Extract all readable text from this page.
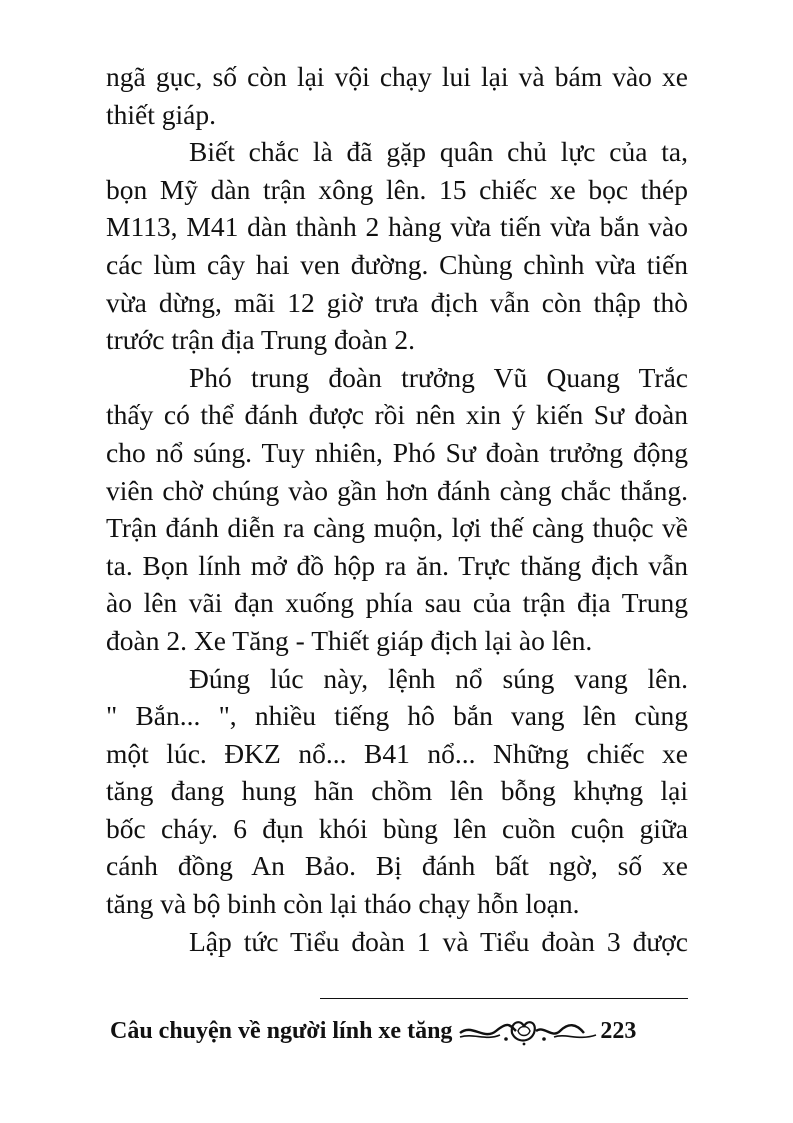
ngã gục, số còn lại vội chạy lui lại và bám vào xe
thiết giáp.
Biết chắc là đã gặp quân chủ lực của ta,
bọn Mỹ dàn trận xông lên. 15 chiếc xe bọc thép
M113, M41 dàn thành 2 hàng vừa tiến vừa bắn vào
các lùm cây hai ven đường. Chùng chình vừa tiến
vừa dừng, mãi 12 giờ trưa địch vẫn còn thập thò
trước trận địa Trung đoàn 2.
Phó trung đoàn trưởng Vũ Quang Trắc
thấy có thể đánh được rồi nên xin ý kiến Sư đoàn
cho nổ súng. Tuy nhiên, Phó Sư đoàn trưởng động
viên chờ chúng vào gần hơn đánh càng chắc thắng.
Trận đánh diễn ra càng muộn, lợi thế càng thuộc về
ta. Bọn lính mở đồ hộp ra ăn. Trực thăng địch vẫn
ào lên vãi đạn xuống phía sau của trận địa Trung
đoàn 2. Xe Tăng - Thiết giáp địch lại ào lên.
Đúng lúc này, lệnh nổ súng vang lên.
" Bắn... ", nhiều tiếng hô bắn vang lên cùng
một lúc. ĐKZ nổ... B41 nổ... Những chiếc xe
tăng đang hung hãn chồm lên bỗng khựng lại
bốc cháy. 6 đụn khói bùng lên cuồn cuộn giữa
cánh đồng An Bảo. Bị đánh bất ngờ, số xe
tăng và bộ binh còn lại tháo chạy hỗn loạn.
Lập tức Tiểu đoàn 1 và Tiểu đoàn 3 được
Câu chuyện về người lính xe tăng	223
